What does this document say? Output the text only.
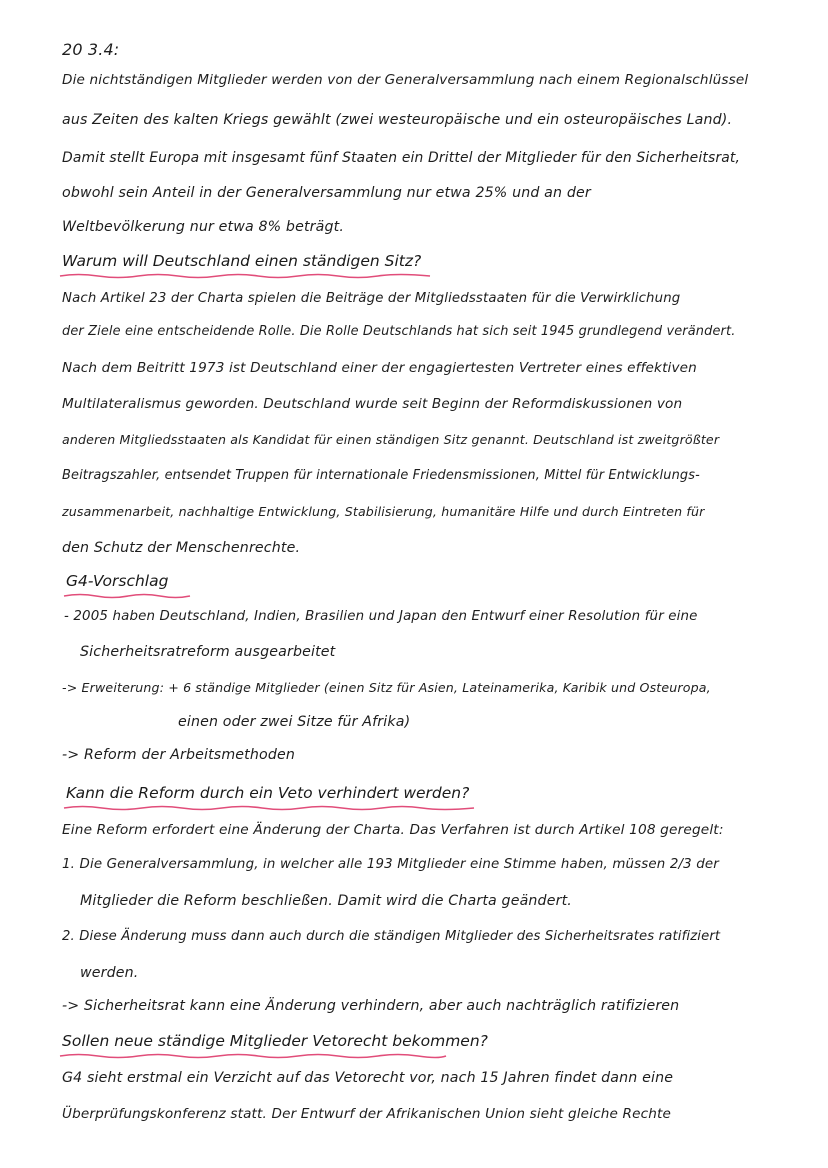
20 3.4:
Die nichtständigen Mitglieder werden von der Generalversammlung nach einem Regionalschlüssel
aus Zeiten des kalten Kriegs gewählt (zwei westeuropäische und ein osteuropäisches Land).
Damit stellt Europa mit insgesamt fünf Staaten ein Drittel der Mitglieder für den Sicherheitsrat,
obwohl sein Anteil in der Generalversammlung nur etwa 25% und an der
Weltbevölkerung nur etwa 8% beträgt.
Warum will Deutschland einen ständigen Sitz?
Nach Artikel 23 der Charta spielen die Beiträge der Mitgliedsstaaten für die Verwirklichung
der Ziele eine entscheidende Rolle. Die Rolle Deutschlands hat sich seit 1945 grundlegend verändert.
Nach dem Beitritt 1973 ist Deutschland einer der engagiertesten Vertreter eines effektiven
Multilateralismus geworden. Deutschland wurde seit Beginn der Reformdiskussionen von
anderen Mitgliedsstaaten als Kandidat für einen ständigen Sitz genannt. Deutschland ist zweitgrößter
Beitragszahler, entsendet Truppen für internationale Friedensmissionen, Mittel für Entwicklungs-
zusammenarbeit, nachhaltige Entwicklung, Stabilisierung, humanitäre Hilfe und durch Eintreten für
den Schutz der Menschenrechte.
G4-Vorschlag
- 2005 haben Deutschland, Indien, Brasilien und Japan den Entwurf einer Resolution für eine
Sicherheitsratreform ausgearbeitet
-> Erweiterung: + 6 ständige Mitglieder (einen Sitz für Asien, Lateinamerika, Karibik und Osteuropa,
einen oder zwei Sitze für Afrika)
-> Reform der Arbeitsmethoden
Kann die Reform durch ein Veto verhindert werden?
Eine Reform erfordert eine Änderung der Charta. Das Verfahren ist durch Artikel 108 geregelt:
1. Die Generalversammlung, in welcher alle 193 Mitglieder eine Stimme haben, müssen 2/3 der
Mitglieder die Reform beschließen. Damit wird die Charta geändert.
2. Diese Änderung muss dann auch durch die ständigen Mitglieder des Sicherheitsrates ratifiziert
werden.
-> Sicherheitsrat kann eine Änderung verhindern, aber auch nachträglich ratifizieren
Sollen neue ständige Mitglieder Vetorecht bekommen?
G4 sieht erstmal ein Verzicht auf das Vetorecht vor, nach 15 Jahren findet dann eine
Überprüfungskonferenz statt. Der Entwurf der Afrikanischen Union sieht gleiche Rechte
